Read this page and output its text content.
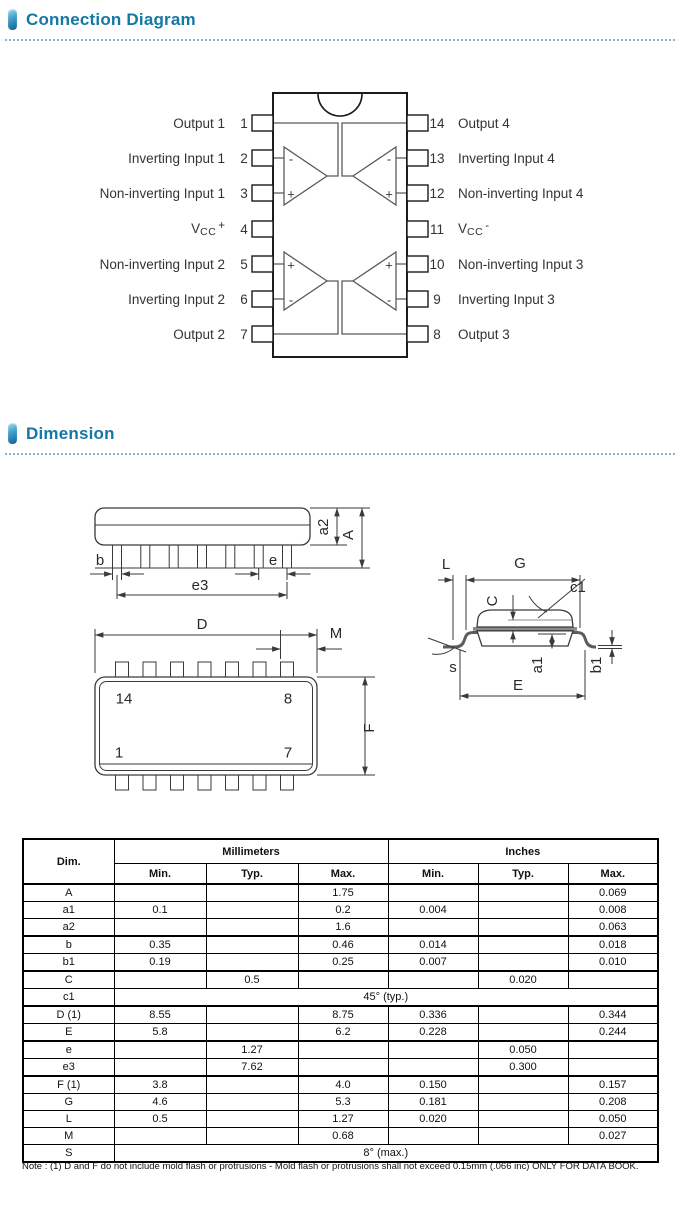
Connection Diagram
-
+
-
+
+
-
+
-
Output 1	1
Inverting Input 1	2
Non-inverting Input 1	3
VCC +	4
Non-inverting Input 2	5
Inverting Input 2	6
Output 2	7
14 Output 4
13 Inverting Input 4
12 Non-inverting Input 4
11 VCC -
10 Non-inverting Input 3
9	Inverting Input 3
8	Output 3
Dimension
a2 A
b	e
e3
14	8
1	7
D
M
F
L	G
C
c1
s	a1	b1
E
Dim.	Millimeters			Inches		
	Min.	Typ.	Max.	Min.	Typ.	Max.
A			1.75			0.069
a1	0.1		0.2	0.004		0.008
a2			1.6			0.063
b	0.35		0.46	0.014		0.018
b1	0.19		0.25	0.007		0.010
C		0.5			0.020	
c1	45° (typ.)					
D (1)	8.55		8.75	0.336		0.344
E	5.8		6.2	0.228		0.244
e		1.27			0.050	
e3		7.62			0.300	
F (1)	3.8		4.0	0.150		0.157
G	4.6		5.3	0.181		0.208
L	0.5		1.27	0.020		0.050
M			0.68			0.027
S	8° (max.)					
Note : (1) D and F do not include mold flash or protrusions - Mold flash or protrusions shall not exceed 0.15mm (.066 inc) ONLY FOR DATA BOOK.
